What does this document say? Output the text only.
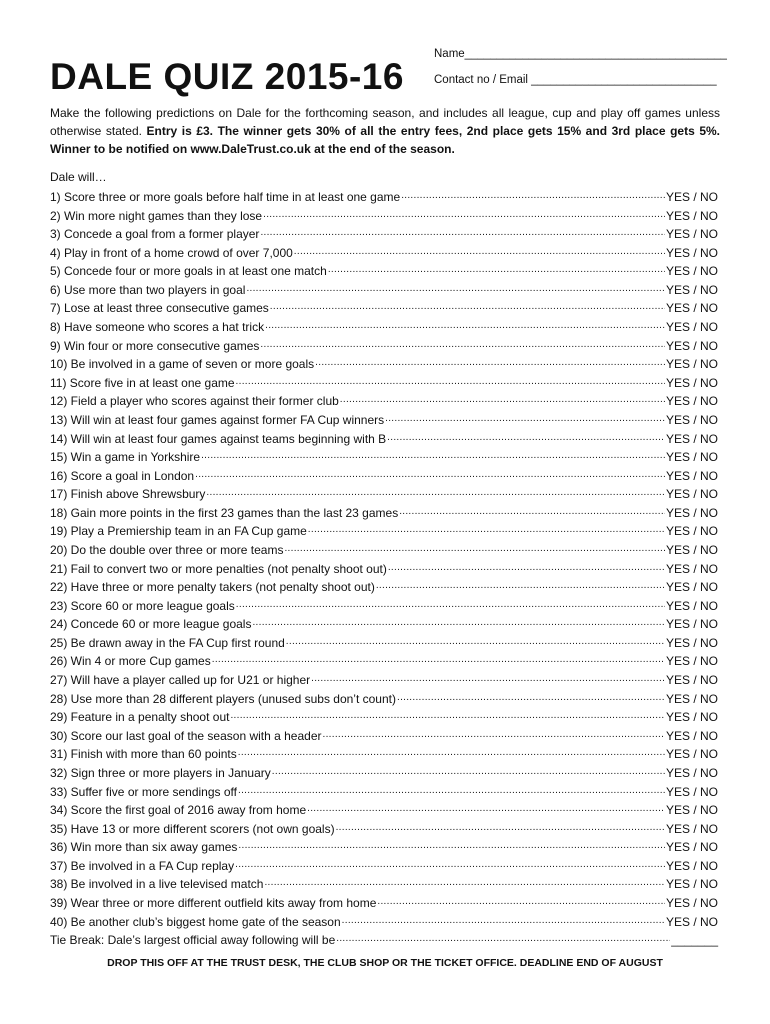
DALE QUIZ 2015-16
Name_________________________________________
Contact no / Email _____________________________
Make the following predictions on Dale for the forthcoming season, and includes all league, cup and play off games unless otherwise stated. Entry is £3. The winner gets 30% of all the entry fees, 2nd place gets 15% and 3rd place gets 5%. Winner to be notified on www.DaleTrust.co.uk at the end of the season.
Dale will…
1) Score three or more goals before half time in at least one game .....	YES / NO
2) Win more night games than they lose .....	YES / NO
3) Concede a goal from a former player .....	YES / NO
4) Play in front of a home crowd of over 7,000 .....	YES / NO
5) Concede four or more goals in at least one match .....	YES / NO
6) Use more than two players in goal .....	YES / NO
7) Lose at least three consecutive games .....	YES / NO
8) Have someone who scores a hat trick .....	YES / NO
9) Win four or more consecutive games .....	YES / NO
10) Be involved in a game of seven or more goals .....	YES / NO
11) Score five in at least one game .....	YES / NO
12) Field a player who scores against their former club .....	YES / NO
13) Will win at least four games against former FA Cup winners .....	YES / NO
14) Will win at least four games against teams beginning with B .....	YES / NO
15) Win a game in Yorkshire .....	YES / NO
16) Score a goal in London .....	YES / NO
17) Finish above Shrewsbury .....	YES / NO
18) Gain more points in the first 23 games than the last 23 games .....	YES / NO
19) Play a Premiership team in an FA Cup game .....	YES / NO
20) Do the double over three or more teams .....	YES / NO
21) Fail to convert two or more penalties (not penalty shoot out) .....	YES / NO
22) Have three or more penalty takers (not penalty shoot out) .....	YES / NO
23) Score 60 or more league goals .....	YES / NO
24) Concede 60 or more league goals .....	YES / NO
25) Be drawn away in the FA Cup first round .....	YES / NO
26) Win 4 or more Cup games .....	YES / NO
27) Will have a player called up for U21 or higher .....	YES / NO
28) Use more than 28 different players (unused subs don’t count) .....	YES / NO
29) Feature in a penalty shoot out .....	YES / NO
30) Score our last goal of the season with a header .....	YES / NO
31) Finish with more than 60 points .....	YES / NO
32) Sign three or more players in January .....	YES / NO
33) Suffer five or more sendings off .....	YES / NO
34) Score the first goal of 2016 away from home .....	YES / NO
35) Have 13 or more different scorers (not own goals) .....	YES / NO
36) Win more than six away games .....	YES / NO
37) Be involved in a FA Cup replay .....	YES / NO
38) Be involved in a live televised match .....	YES / NO
39) Wear three or more different outfield kits away from home .....	YES / NO
40) Be another club’s biggest home gate of the season .....	YES / NO
Tie Break: Dale’s largest official away following will be .....	_______
DROP THIS OFF AT THE TRUST DESK, THE CLUB SHOP OR THE TICKET OFFICE. DEADLINE END OF AUGUST
